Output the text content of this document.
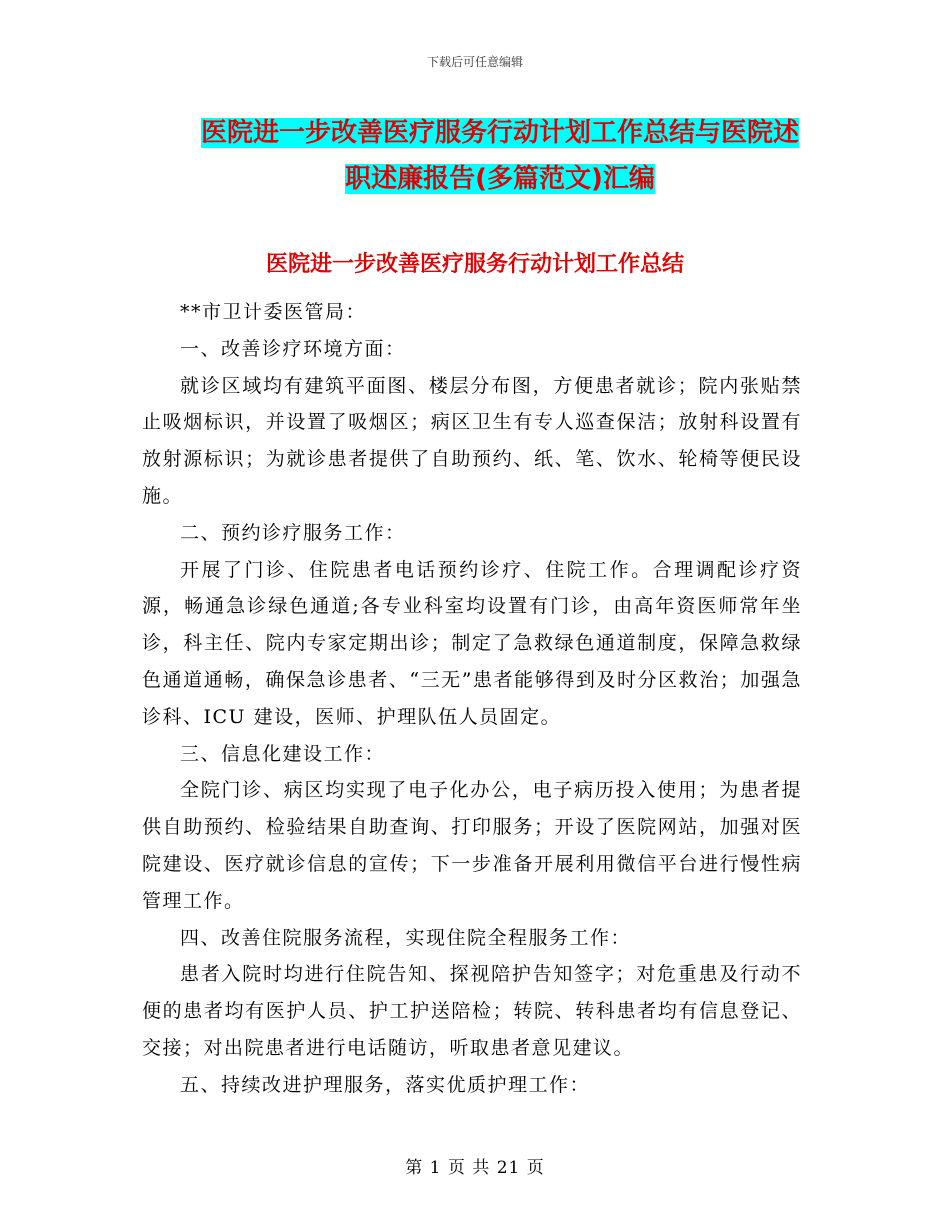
下载后可任意编辑
医院进一步改善医疗服务行动计划工作总结与医院述
职述廉报告(多篇范文)汇编
医院进一步改善医疗服务行动计划工作总结

**市卫计委医管局：

一、改善诊疗环境方面：

就诊区域均有建筑平面图、楼层分布图，方便患者就诊；院内张贴禁止吸烟标识，并设置了吸烟区；病区卫生有专人巡查保洁；放射科设置有放射源标识；为就诊患者提供了自助预约、纸、笔、饮水、轮椅等便民设施。

二、预约诊疗服务工作：

开展了门诊、住院患者电话预约诊疗、住院工作。合理调配诊疗资源，畅通急诊绿色通道;各专业科室均设置有门诊，由高年资医师常年坐诊，科主任、院内专家定期出诊；制定了急救绿色通道制度，保障急救绿色通道通畅，确保急诊患者、“三无”患者能够得到及时分区救治；加强急诊科、ICU 建设，医师、护理队伍人员固定。

三、信息化建设工作：

全院门诊、病区均实现了电子化办公，电子病历投入使用；为患者提供自助预约、检验结果自助查询、打印服务；开设了医院网站，加强对医院建设、医疗就诊信息的宣传；下一步准备开展利用微信平台进行慢性病管理工作。

四、改善住院服务流程，实现住院全程服务工作：

患者入院时均进行住院告知、探视陪护告知签字；对危重患及行动不便的患者均有医护人员、护工护送陪检；转院、转科患者均有信息登记、交接；对出院患者进行电话随访，听取患者意见建议。

五、持续改进护理服务，落实优质护理工作：

第 1 页 共 21 页
